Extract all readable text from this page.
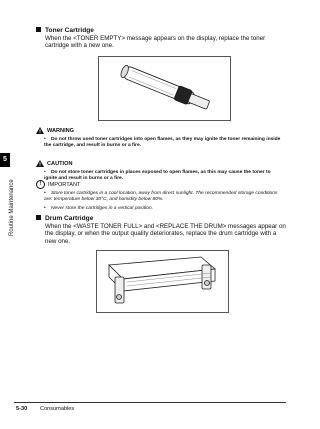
5
Routine Maintenance
Toner Cartridge
When the <TONER EMPTY> message appears on the display, replace the toner cartridge with a new one.
WARNING
• Do not throw used toner cartridges into open flames, as they may ignite the toner remaining inside the cartridge, and result in burns or a fire.
CAUTION
• Do not store toner cartridges in places exposed to open flames, as this may cause the toner to ignite and result in burns or a fire.
! IMPORTANT
• Store toner cartridges in a cool location, away from direct sunlight. The recommended storage conditions are: temperature below 30°C, and humidity below 80%.
• Never store the cartridges in a vertical position.
Drum Cartridge
When the <WASTE TONER FULL> and <REPLACE THE DRUM> messages appear on the display, or when the output quality deteriorates, replace the drum cartridge with a new one.
5-30 Consumables
